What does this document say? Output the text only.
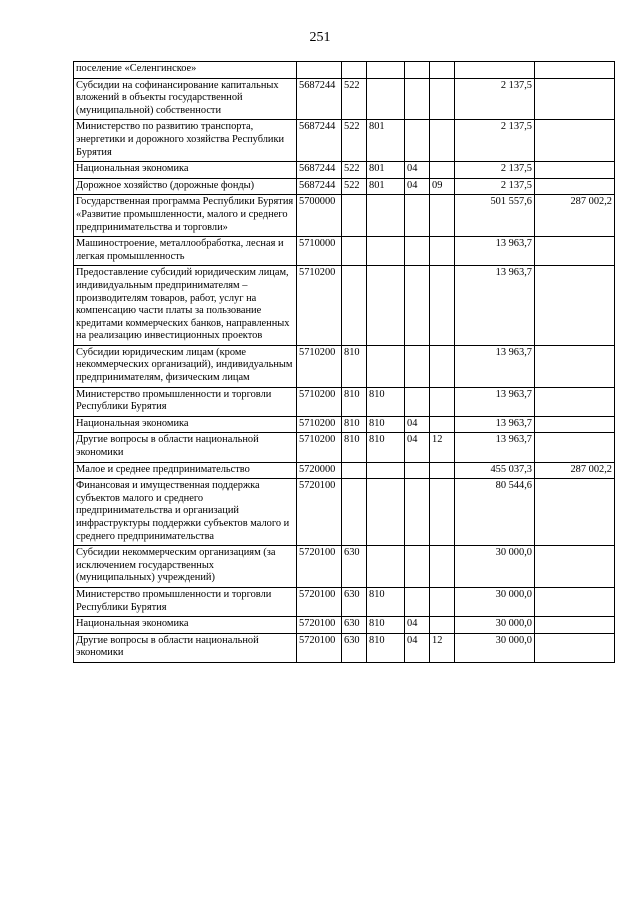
251
поселение «Селенгинское»							
Субсидии на софинансирование капитальных вложений в объекты государственной (муниципальной) собственности	5687244	522				2 137,5	
Министерство по развитию транспорта, энергетики и дорожного хозяйства Республики Бурятия	5687244	522	801			2 137,5	
Национальная экономика	5687244	522	801	04		2 137,5	
Дорожное хозяйство (дорожные фонды)	5687244	522	801	04	09	2 137,5	
Государственная программа Республики Бурятия «Развитие промышленности, малого и среднего предпринимательства и торговли»	5700000					501 557,6	287 002,2
Машиностроение, металлообработка, лесная и легкая промышленность	5710000					13 963,7	
Предоставление субсидий юридическим лицам, индивидуальным предпринимателям – производителям товаров, работ, услуг на компенсацию части платы за пользование кредитами коммерческих банков, направленных на реализацию инвестиционных проектов	5710200					13 963,7	
Субсидии юридическим лицам (кроме некоммерческих организаций), индивидуальным предпринимателям, физическим лицам	5710200	810				13 963,7	
Министерство промышленности и торговли Республики Бурятия	5710200	810	810			13 963,7	
Национальная экономика	5710200	810	810	04		13 963,7	
Другие вопросы в области национальной экономики	5710200	810	810	04	12	13 963,7	
Малое и среднее предпринимательство	5720000					455 037,3	287 002,2
Финансовая и имущественная поддержка субъектов малого и среднего предпринимательства и организаций инфраструктуры поддержки субъектов малого и среднего предпринимательства	5720100					80 544,6	
Субсидии некоммерческим организациям (за исключением государственных (муниципальных) учреждений)	5720100	630				30 000,0	
Министерство промышленности и торговли Республики Бурятия	5720100	630	810			30 000,0	
Национальная экономика	5720100	630	810	04		30 000,0	
Другие вопросы в области национальной экономики	5720100	630	810	04	12	30 000,0	
